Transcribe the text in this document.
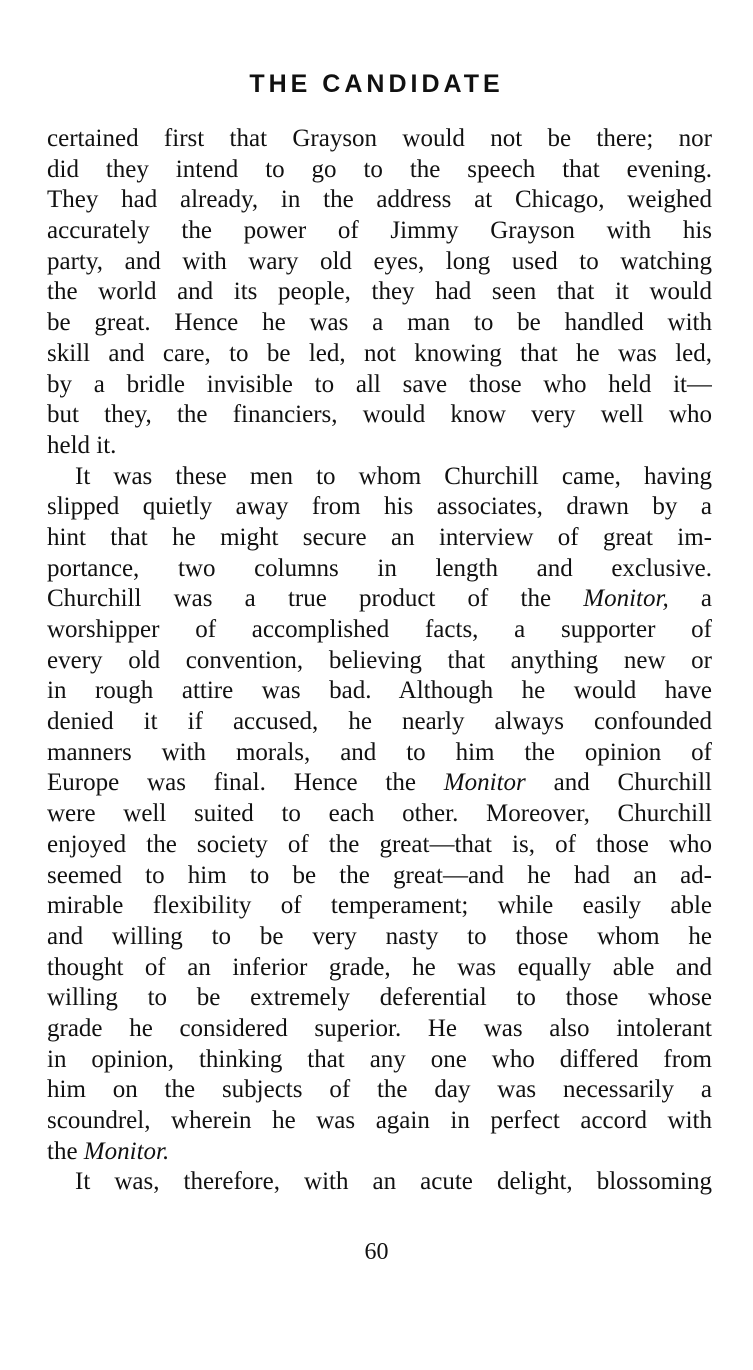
THE CANDIDATE
certained first that Grayson would not be there; nor
did they intend to go to the speech that evening.
They had already, in the address at Chicago, weighed
accurately the power of Jimmy Grayson with his
party, and with wary old eyes, long used to watching
the world and its people, they had seen that it would
be great. Hence he was a man to be handled with
skill and care, to be led, not knowing that he was led,
by a bridle invisible to all save those who held it—
but they, the financiers, would know very well who
held it.
It was these men to whom Churchill came, having
slipped quietly away from his associates, drawn by a
hint that he might secure an interview of great im-
portance, two columns in length and exclusive.
Churchill was a true product of the Monitor, a
worshipper of accomplished facts, a supporter of
every old convention, believing that anything new or
in rough attire was bad. Although he would have
denied it if accused, he nearly always confounded
manners with morals, and to him the opinion of
Europe was final. Hence the Monitor and Churchill
were well suited to each other. Moreover, Churchill
enjoyed the society of the great—that is, of those who
seemed to him to be the great—and he had an ad-
mirable flexibility of temperament; while easily able
and willing to be very nasty to those whom he
thought of an inferior grade, he was equally able and
willing to be extremely deferential to those whose
grade he considered superior. He was also intolerant
in opinion, thinking that any one who differed from
him on the subjects of the day was necessarily a
scoundrel, wherein he was again in perfect accord with
the Monitor.
It was, therefore, with an acute delight, blossoming
60
